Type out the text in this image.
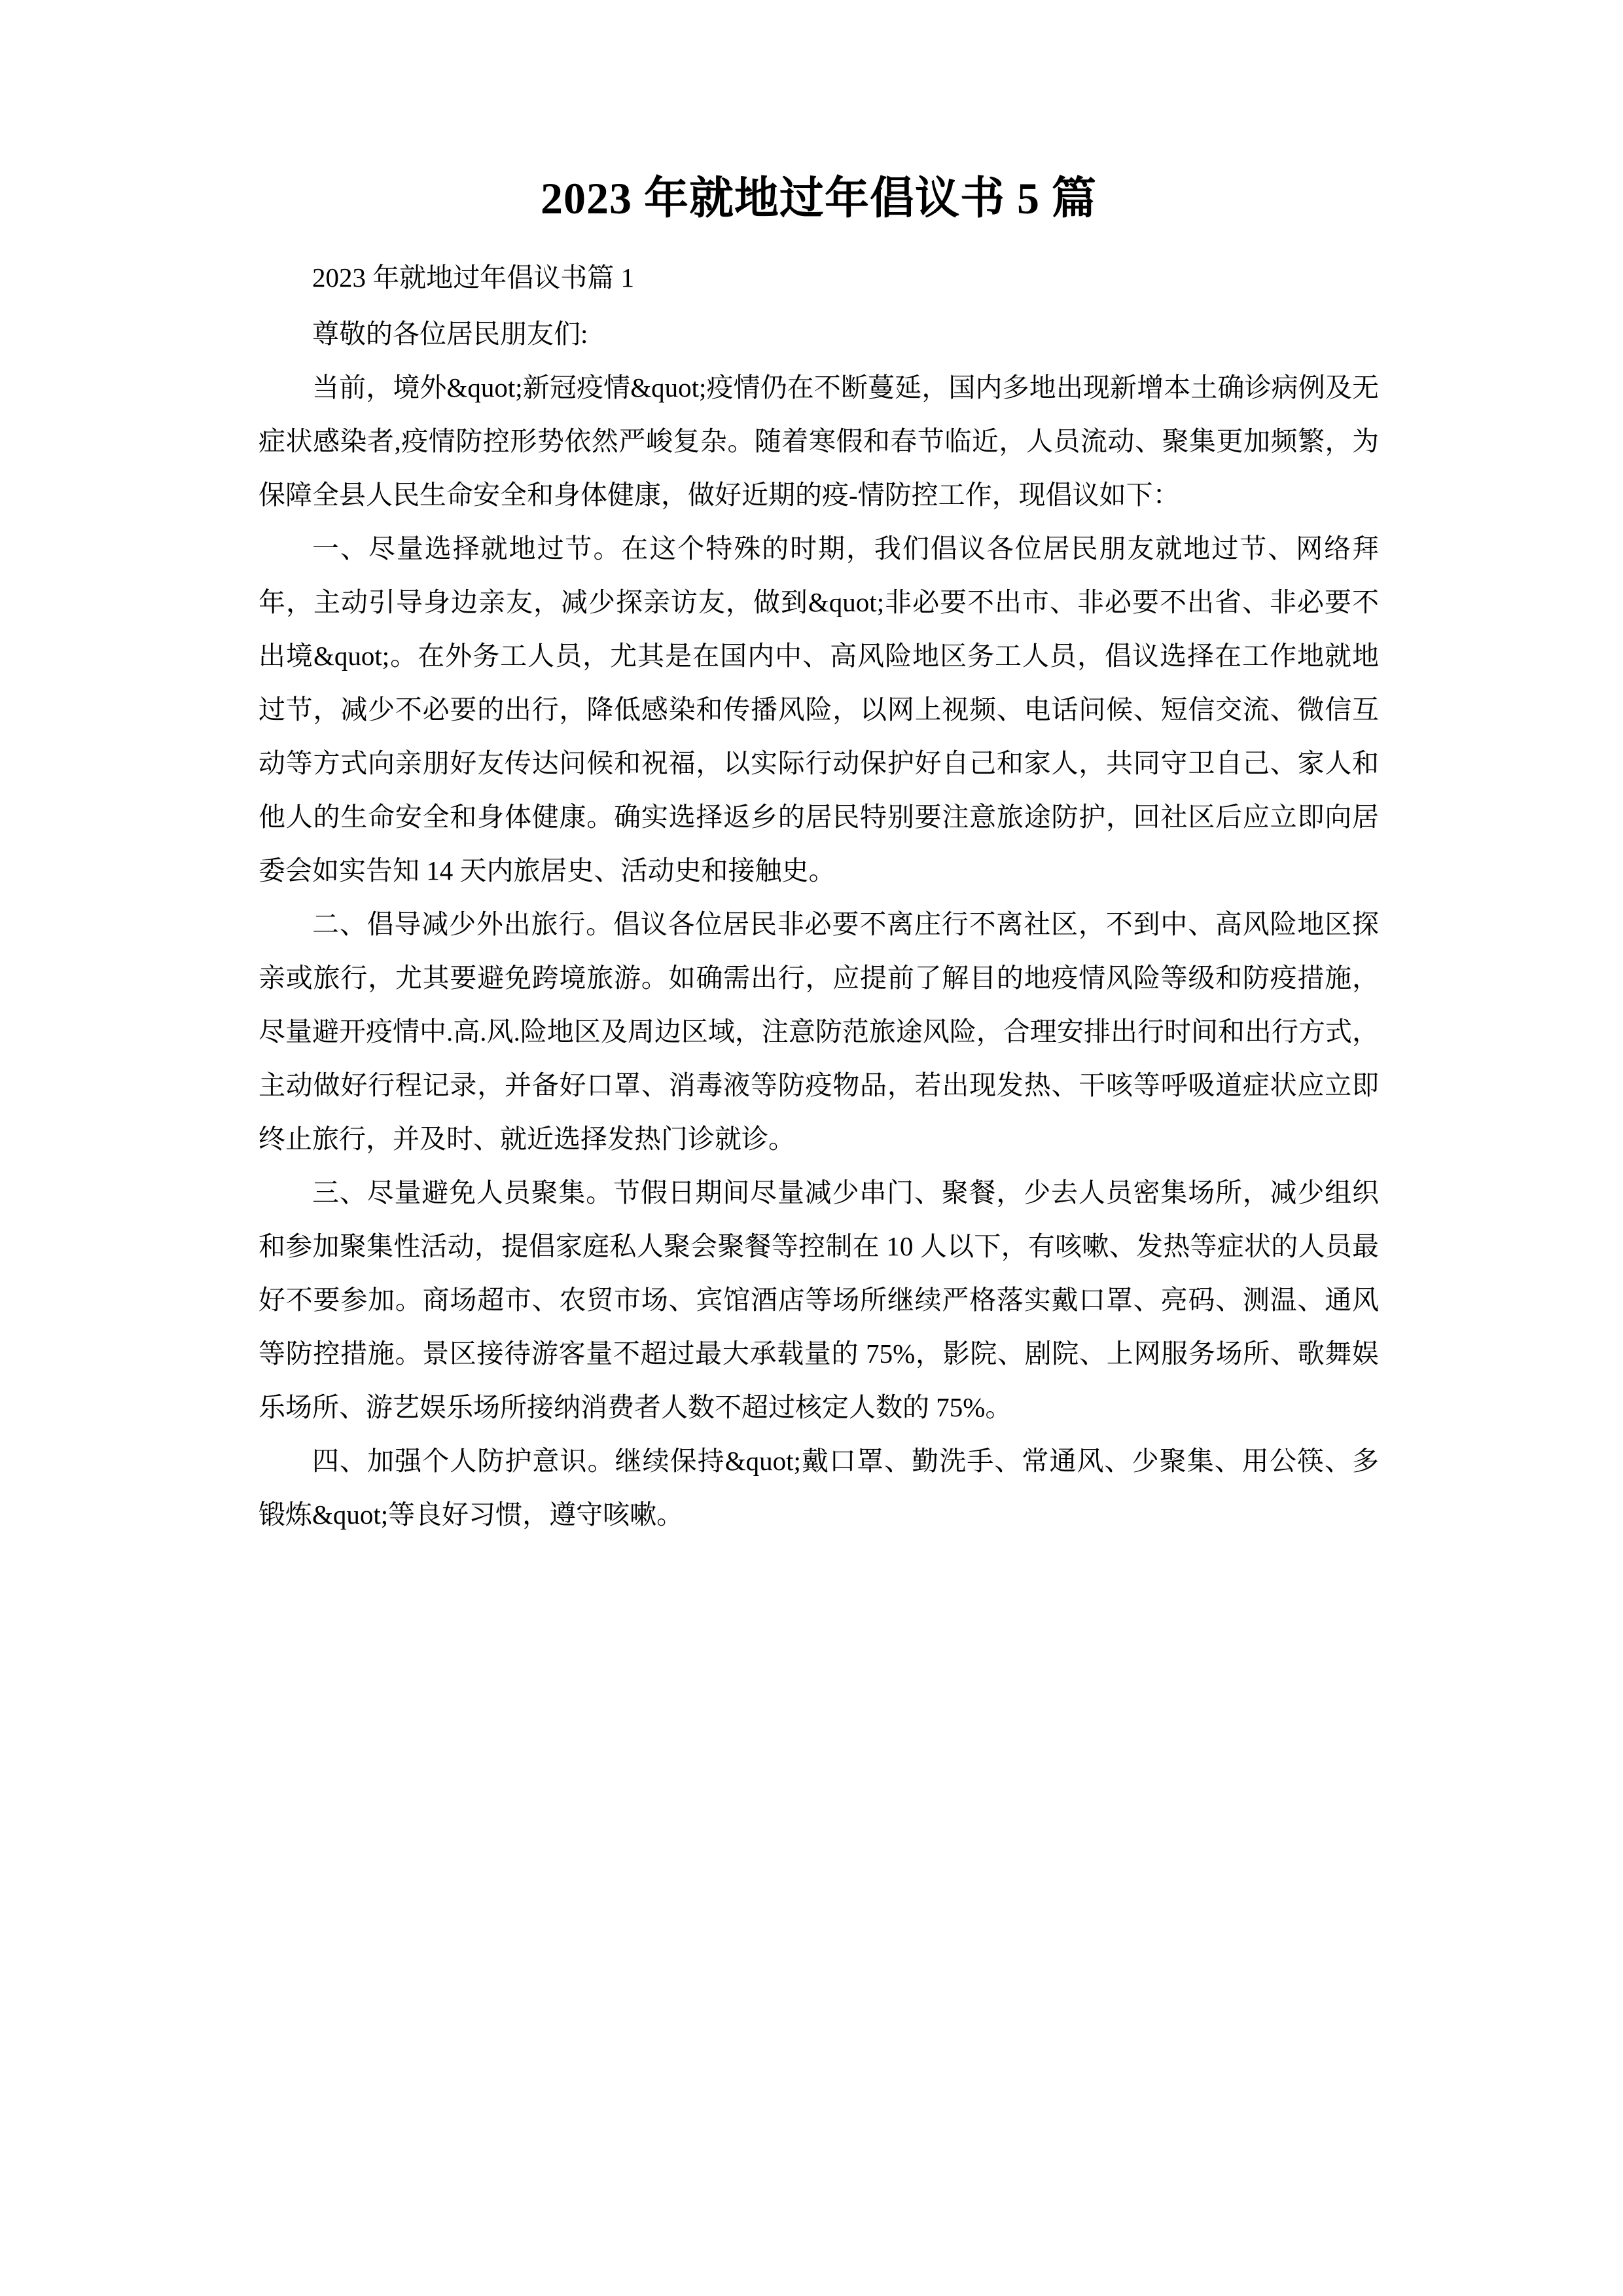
2023 年就地过年倡议书 5 篇

2023 年就地过年倡议书篇 1

尊敬的各位居民朋友们:

当前，境外&quot;新冠疫情&quot;疫情仍在不断蔓延，国内多地出现新增本土确诊病例及无症状感染者,疫情防控形势依然严峻复杂。随着寒假和春节临近，人员流动、聚集更加频繁，为保障全县人民生命安全和身体健康，做好近期的疫-情防控工作，现倡议如下：

一、尽量选择就地过节。在这个特殊的时期，我们倡议各位居民朋友就地过节、网络拜年，主动引导身边亲友，减少探亲访友，做到&quot;非必要不出市、非必要不出省、非必要不出境&quot;。在外务工人员，尤其是在国内中、高风险地区务工人员，倡议选择在工作地就地过节，减少不必要的出行，降低感染和传播风险，以网上视频、电话问候、短信交流、微信互动等方式向亲朋好友传达问候和祝福，以实际行动保护好自己和家人，共同守卫自己、家人和他人的生命安全和身体健康。确实选择返乡的居民特别要注意旅途防护，回社区后应立即向居委会如实告知 14 天内旅居史、活动史和接触史。

二、倡导减少外出旅行。倡议各位居民非必要不离庄行不离社区，不到中、高风险地区探亲或旅行，尤其要避免跨境旅游。如确需出行，应提前了解目的地疫情风险等级和防疫措施，尽量避开疫情中.高.风.险地区及周边区域，注意防范旅途风险，合理安排出行时间和出行方式，主动做好行程记录，并备好口罩、消毒液等防疫物品，若出现发热、干咳等呼吸道症状应立即终止旅行，并及时、就近选择发热门诊就诊。

三、尽量避免人员聚集。节假日期间尽量减少串门、聚餐，少去人员密集场所，减少组织和参加聚集性活动，提倡家庭私人聚会聚餐等控制在 10 人以下，有咳嗽、发热等症状的人员最好不要参加。商场超市、农贸市场、宾馆酒店等场所继续严格落实戴口罩、亮码、测温、通风等防控措施。景区接待游客量不超过最大承载量的 75%，影院、剧院、上网服务场所、歌舞娱乐场所、游艺娱乐场所接纳消费者人数不超过核定人数的 75%。

四、加强个人防护意识。继续保持&quot;戴口罩、勤洗手、常通风、少聚集、用公筷、多锻炼&quot;等良好习惯，遵守咳嗽。
